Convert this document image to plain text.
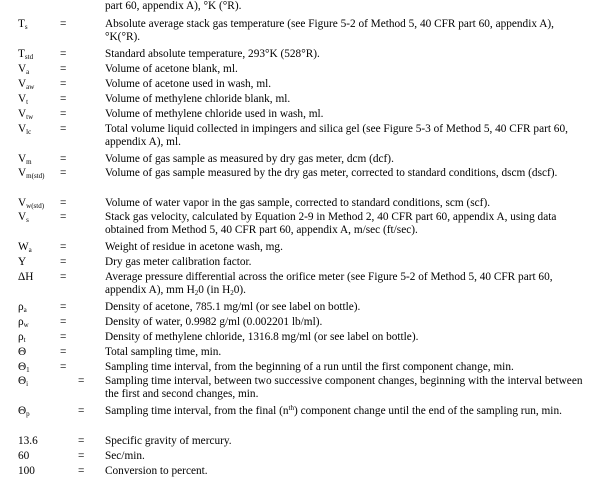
part 60, appendix A), °K (°R).
$T_s$	=	Absolute average stack gas temperature (see Figure 5-2 of Method 5, 40 CFR part 60, appendix A), °K(°R).
$T_{std}$ =	Standard absolute temperature, 293°K (528°R).
$V_a$	=	Volume of acetone blank, ml.
$V_{aw}$ =	Volume of acetone used in wash, ml.
$V_t$	=	Volume of methylene chloride blank, ml.
$V_{tw}$ =	Volume of methylene chloride used in wash, ml.
$V_{lc}$	=	Total volume liquid collected in impingers and silica gel (see Figure 5-3 of Method 5, 40 CFR part 60, appendix A), ml.
$V_m$	=	Volume of gas sample as measured by dry gas meter, dcm (dcf).
$V_{m(std)}$ =	Volume of gas sample measured by the dry gas meter, corrected to standard conditions, dscm (dscf).
$V_{w(std)}$ =	Volume of water vapor in the gas sample, corrected to standard conditions, scm (scf).
$V_s$	=	Stack gas velocity, calculated by Equation 2-9 in Method 2, 40 CFR part 60, appendix A, using data obtained from Method 5, 40 CFR part 60, appendix A, m/sec (ft/sec).
$W_a$ =	Weight of residue in acetone wash, mg.
Y	=	Dry gas meter calibration factor.
ΔH =	Average pressure differential across the orifice meter (see Figure 5-2 of Method 5, 40 CFR part 60, appendix A), mm $H_20$ (in $H_20$).
$\rho_a$	=	Density of acetone, 785.1 mg/ml (or see label on bottle).
$\rho_w$	=	Density of water, 0.9982 g/ml (0.002201 lb/ml).
$\rho_t$	=	Density of methylene chloride, 1316.8 mg/ml (or see label on bottle).
Θ	=	Total sampling time, min.
$\Theta_1$	=	Sampling time interval, from the beginning of a run until the first component change, min.
$\Theta_i$	= Sampling time interval, between two successive component changes, beginning with the interval between the first and second changes, min.
$\Theta_p$	= Sampling time interval, from the final $(n^{th})$ component change until the end of the sampling run, min.
13.6	= Specific gravity of mercury.
60	= Sec/min.
100	= Conversion to percent.
